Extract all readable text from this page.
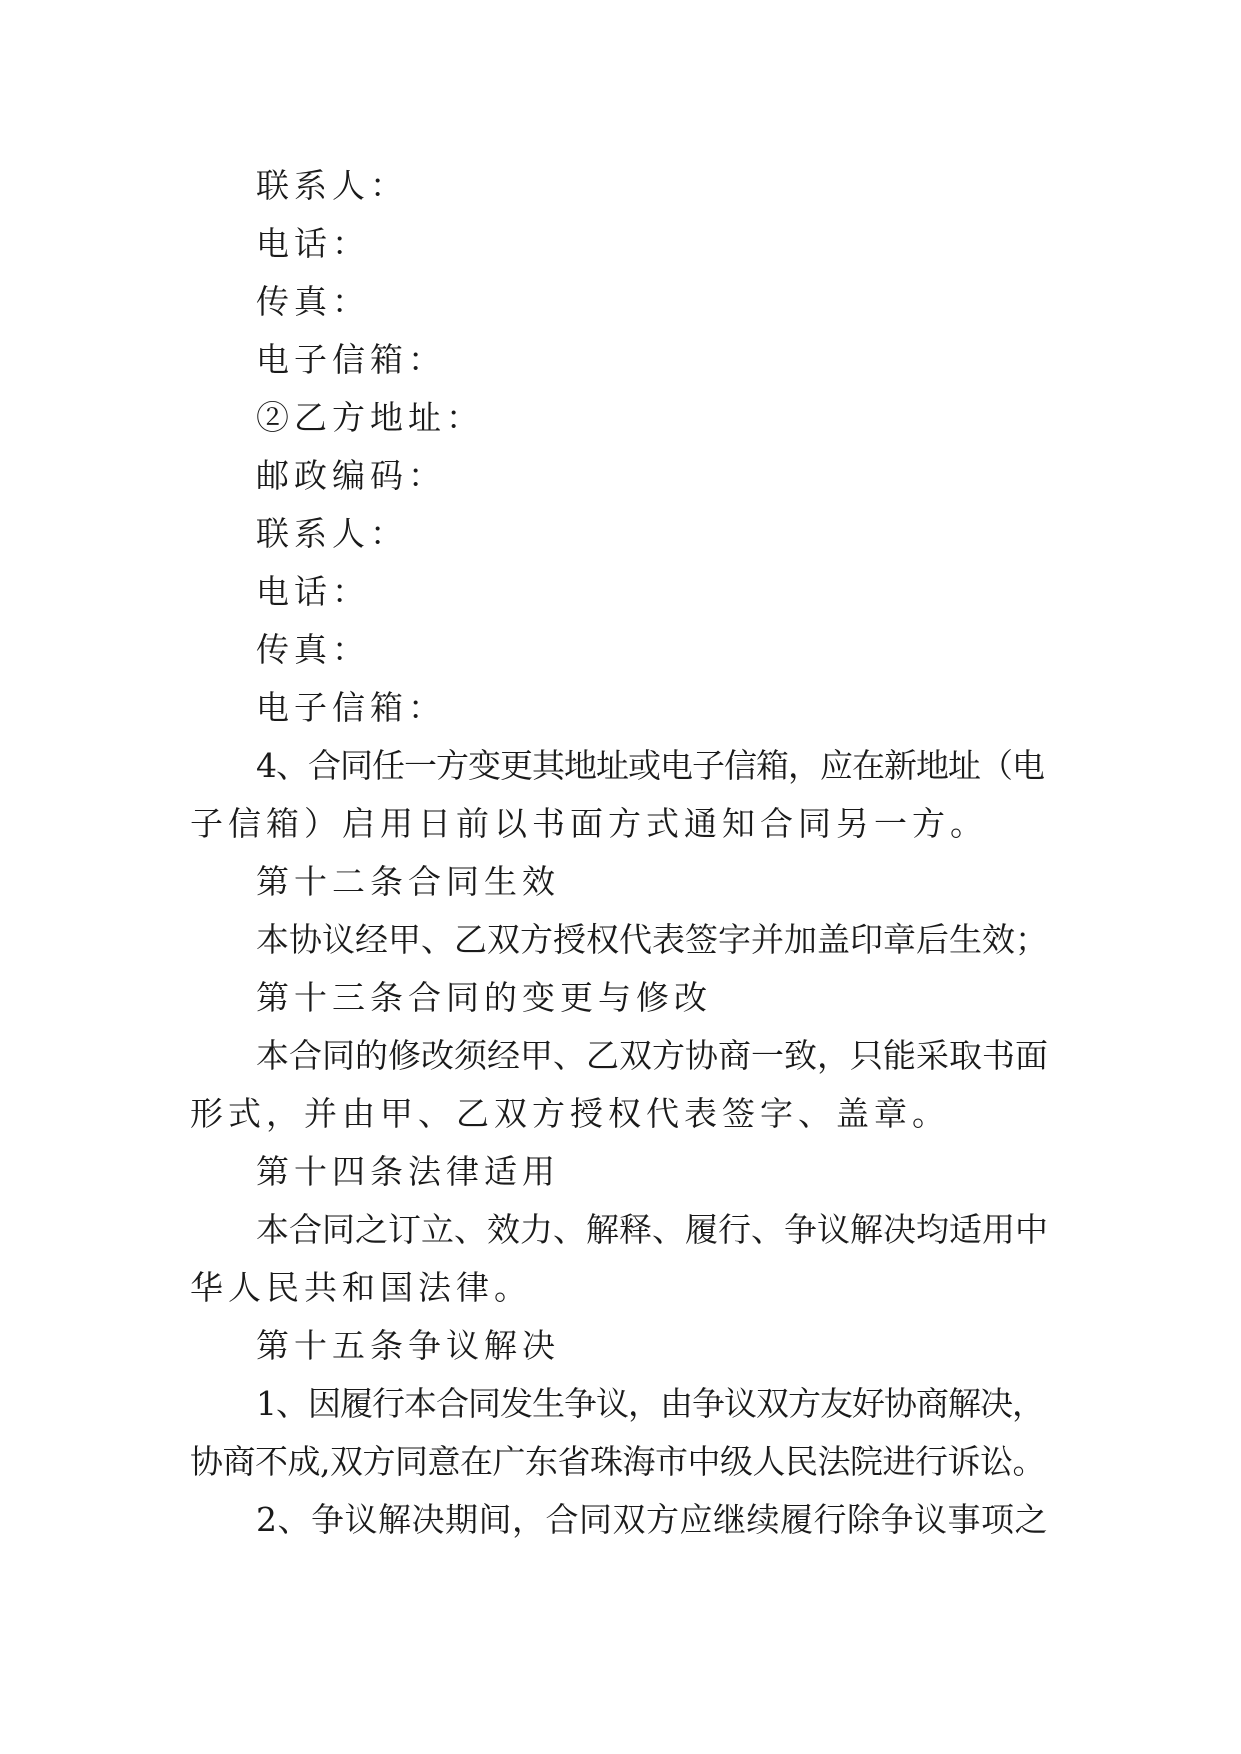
联系人：
电话：
传真：
电子信箱：
②乙方地址：
邮政编码：
联系人：
电话：
传真：
电子信箱：
4、合同任一方变更其地址或电子信箱，应在新地址（电
子信箱）启用日前以书面方式通知合同另一方。
第十二条合同生效
本协议经甲、乙双方授权代表签字并加盖印章后生效；
第十三条合同的变更与修改
本合同的修改须经甲、乙双方协商一致，只能采取书面
形式，并由甲、乙双方授权代表签字、盖章。
第十四条法律适用
本合同之订立、效力、解释、履行、争议解决均适用中
华人民共和国法律。
第十五条争议解决
1、因履行本合同发生争议，由争议双方友好协商解决，
协商不成,双方同意在广东省珠海市中级人民法院进行诉讼。
2、争议解决期间，合同双方应继续履行除争议事项之
